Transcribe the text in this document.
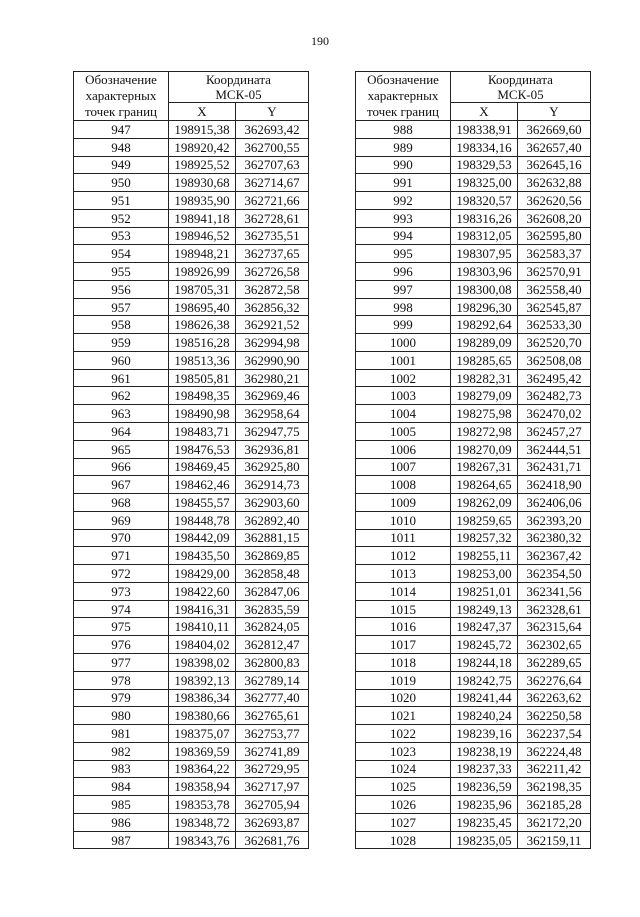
190
Обозначение
характерных
точек границ	Координата
МСК-05	
	X	Y
947	198915,38	362693,42
948	198920,42	362700,55
949	198925,52	362707,63
950	198930,68	362714,67
951	198935,90	362721,66
952	198941,18	362728,61
953	198946,52	362735,51
954	198948,21	362737,65
955	198926,99	362726,58
956	198705,31	362872,58
957	198695,40	362856,32
958	198626,38	362921,52
959	198516,28	362994,98
960	198513,36	362990,90
961	198505,81	362980,21
962	198498,35	362969,46
963	198490,98	362958,64
964	198483,71	362947,75
965	198476,53	362936,81
966	198469,45	362925,80
967	198462,46	362914,73
968	198455,57	362903,60
969	198448,78	362892,40
970	198442,09	362881,15
971	198435,50	362869,85
972	198429,00	362858,48
973	198422,60	362847,06
974	198416,31	362835,59
975	198410,11	362824,05
976	198404,02	362812,47
977	198398,02	362800,83
978	198392,13	362789,14
979	198386,34	362777,40
980	198380,66	362765,61
981	198375,07	362753,77
982	198369,59	362741,89
983	198364,22	362729,95
984	198358,94	362717,97
985	198353,78	362705,94
986	198348,72	362693,87
987	198343,76	362681,76
Обозначение
характерных
точек границ	Координата
МСК-05	
	X	Y
988	198338,91	362669,60
989	198334,16	362657,40
990	198329,53	362645,16
991	198325,00	362632,88
992	198320,57	362620,56
993	198316,26	362608,20
994	198312,05	362595,80
995	198307,95	362583,37
996	198303,96	362570,91
997	198300,08	362558,40
998	198296,30	362545,87
999	198292,64	362533,30
1000	198289,09	362520,70
1001	198285,65	362508,08
1002	198282,31	362495,42
1003	198279,09	362482,73
1004	198275,98	362470,02
1005	198272,98	362457,27
1006	198270,09	362444,51
1007	198267,31	362431,71
1008	198264,65	362418,90
1009	198262,09	362406,06
1010	198259,65	362393,20
1011	198257,32	362380,32
1012	198255,11	362367,42
1013	198253,00	362354,50
1014	198251,01	362341,56
1015	198249,13	362328,61
1016	198247,37	362315,64
1017	198245,72	362302,65
1018	198244,18	362289,65
1019	198242,75	362276,64
1020	198241,44	362263,62
1021	198240,24	362250,58
1022	198239,16	362237,54
1023	198238,19	362224,48
1024	198237,33	362211,42
1025	198236,59	362198,35
1026	198235,96	362185,28
1027	198235,45	362172,20
1028	198235,05	362159,11
